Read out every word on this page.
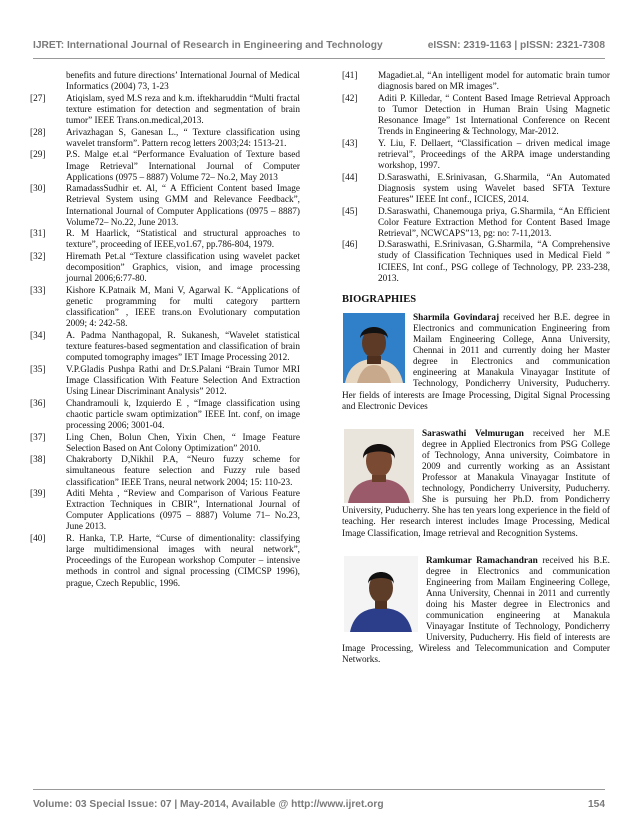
IJRET: International Journal of Research in Engineering and Technology	eISSN: 2319-1163 | pISSN: 2321-7308
benefits and future directions’ International Journal of Medical Informatics (2004) 73, 1-23
[27]	Atiqislam, syed M.S reza and k.m. iftekharuddin “Multi fractal texture estimation for detection and segmentation of brain tumor” IEEE Trans.on.medical,2013.
[28]	Arivazhagan S, Ganesan L., “ Texture classification using wavelet transform”. Pattern recog letters 2003;24: 1513-21.
[29]	P.S. Malge et.al “Performance Evaluation of Texture based Image Retrieval” International Journal of Computer Applications (0975 – 8887) Volume 72– No.2, May 2013
[30]	RamadassSudhir et. Al, “ A Efficient Content based Image Retrieval System using GMM and Relevance Feedback”, International Journal of Computer Applications (0975 – 8887) Volume72– No.22, June 2013.
[31]	R. M Haarlick, “Statistical and structural approaches to texture”, proceeding of IEEE,vo1.67, pp.786-804, 1979.
[32]	Hiremath Pet.al “Texture classification using wavelet packet decomposition” Graphics, vision, and image processing journal 2006;6:77-80.
[33]	Kishore K.Patnaik M, Mani V, Agarwal K. “Applications of genetic programming for multi category parttern classification” , IEEE trans.on Evolutionary computation 2009; 4: 242-58.
[34]	A. Padma Nanthagopal, R. Sukanesh, “Wavelet statistical texture features-based segmentation and classification of brain computed tomography images” IET Image Processing 2012.
[35]	V.P.Gladis Pushpa Rathi and Dr.S.Palani “Brain Tumor MRI Image Classification With Feature Selection And Extraction Using Linear Discriminant Analysis” 2012.
[36]	Chandramouli k, Izquierdo E , “Image classification using chaotic particle swam optimization” IEEE Int. conf, on image processing 2006; 3001-04.
[37]	Ling Chen, Bolun Chen, Yixin Chen, “ Image Feature Selection Based on Ant Colony Optimization” 2010.
[38]	Chakraborty D,Nikhil P.A, “Neuro fuzzy scheme for simultaneous feature selection and Fuzzy rule based classification” IEEE Trans, neural network 2004; 15: 110-23.
[39]	Aditi Mehta , “Review and Comparison of Various Feature Extraction Techniques in CBIR”, International Journal of Computer Applications (0975 – 8887) Volume 71– No.23, June 2013.
[40]	R. Hanka, T.P. Harte, “Curse of dimentionality: classifying large multidimensional images with neural network”, Proceedings of the European workshop Computer – intensive methods in control and signal processing (CIMCSP 1996), prague, Czech Republic, 1996.
[41]	Magadiet.al, “An intelligent model for automatic brain tumor diagnosis bared on MR images”.
[42]	Aditi P. Killedar, “ Content Based Image Retrieval Approach to Tumor Detection in Human Brain Using Magnetic Resonance Image” 1st International Conference on Recent Trends in Engineering & Technology, Mar-2012.
[43]	Y. Liu, F. Dellaert, “Classification – driven medical image retrieval”, Proceedings of the ARPA image understanding workshop, 1997.
[44]	D.Saraswathi, E.Srinivasan, G.Sharmila, “An Automated Diagnosis system using Wavelet based SFTA Texture Features” IEEE Int conf., ICICES, 2014.
[45]	D.Saraswathi, Chanemouga priya, G.Sharmila, “An Efficient Color Feature Extraction Method for Content Based Image Retrieval”, NCWCAPS”13, pg: no: 7-11,2013.
[46]	D.Saraswathi, E.Srinivasan, G.Sharmila, “A Comprehensive study of Classification Techniques used in Medical Field ” ICIEES, Int conf., PSG college of Technology, PP. 233-238, 2013.
BIOGRAPHIES
Sharmila Govindaraj received her B.E. degree in Electronics and communication Engineering from Mailam Engineering College, Anna University, Chennai in 2011 and currently doing her Master degree in Electronics and communication engineering at Manakula Vinayagar Institute of Technology, Pondicherry University, Puducherry. Her fields of interests are Image Processing, Digital Signal Processing and Electronic Devices
Saraswathi Velmurugan received her M.E degree in Applied Electronics from PSG College of Technology, Anna university, Coimbatore in 2009 and currently working as an Assistant Professor at Manakula Vinayagar Institute of technology, Pondicherry University, Puducherry. She is pursuing her Ph.D. from Pondicherry University, Puducherry. She has ten years long experience in the field of teaching. Her research interest includes Image Processing, Medical Image Classification, Image retrieval and Recognition Systems.
Ramkumar Ramachandran received his B.E. degree in Electronics and communication Engineering from Mailam Engineering College, Anna University, Chennai in 2011 and currently doing his Master degree in Electronics and communication engineering at Manakula Vinayagar Institute of Technology, Pondicherry University, Puducherry. His field of interests are Image Processing, Wireless and Telecommunication and Computer Networks.
Volume: 03 Special Issue: 07 | May-2014, Available @ http://www.ijret.org	154
